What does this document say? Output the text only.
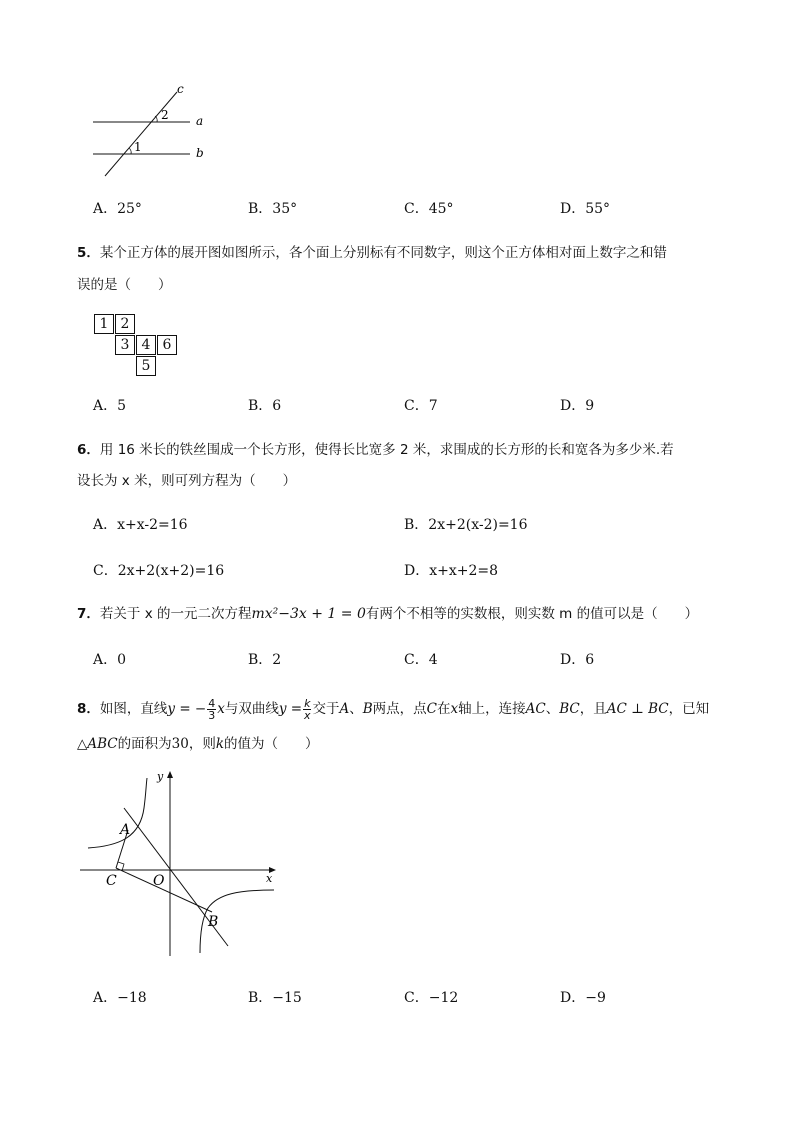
c
a
b
2
1
A．25°	B．35°	C．45°	D．55°
5．某个正方体的展开图如图所示，各个面上分别标有不同数字，则这个正方体相对面上数字之和错
误的是（　　）
1 2
3 4 6
5
A．5	B．6	C．7	D．9
6．用 16 米长的铁丝围成一个长方形，使得长比宽多 2 米，求围成的长方形的长和宽各为多少米.若
设长为 x 米，则可列方程为（　　）
A．x+x-2=16	B．2x+2(x-2)=16
C．2x+2(x+2)=16	D．x+x+2=8
7．若关于 x 的一元二次方程mx²−3x + 1 = 0有两个不相等的实数根，则实数 m 的值可以是（　　）
A．0	B．2	C．4	D．6
8．如图，直线y = − $\frac{4}{3}$ x与双曲线$y = \frac{k}{x}$ 交于A、B两点，点C在x轴上，连接AC、BC，且AC ⊥ BC，已知
△ABC的面积为30，则k的值为（　　）
y
x
A
C	O
B
A．−18	B．−15	C．−12	D．−9
